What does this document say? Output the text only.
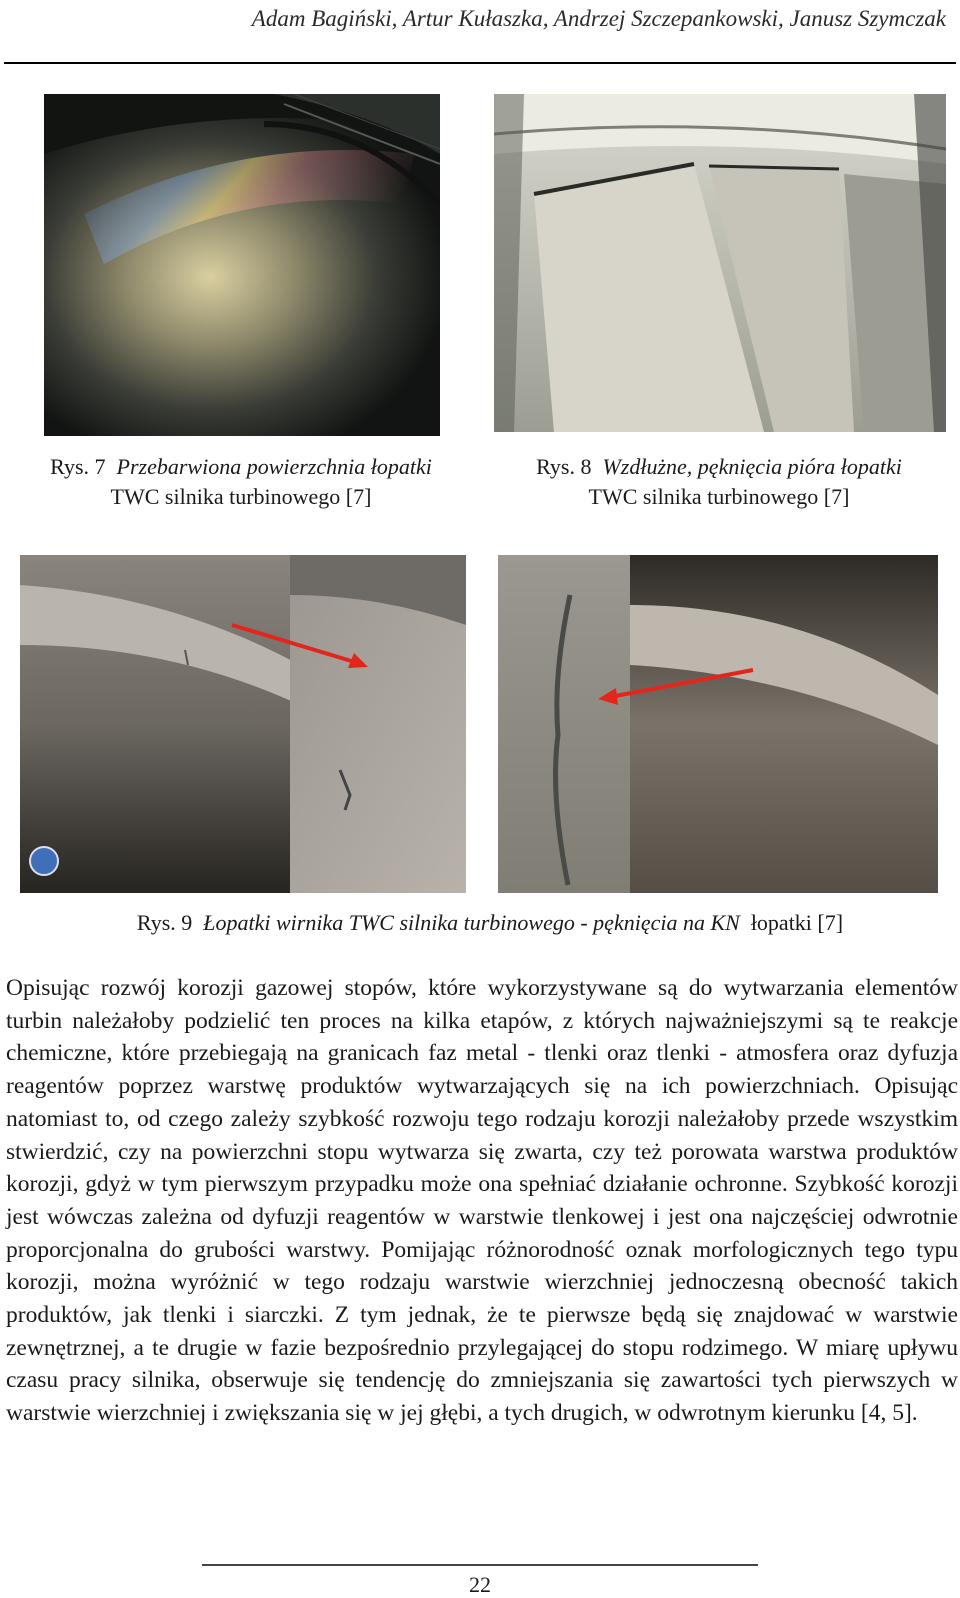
Adam Bagiński, Artur Kułaszka, Andrzej Szczepankowski, Janusz Szymczak
Rys. 7 Przebarwiona powierzchnia łopatki
TWC silnika turbinowego [7]
Rys. 8 Wzdłużne, pęknięcia pióra łopatki
TWC silnika turbinowego [7]
Rys. 9 Łopatki wirnika TWC silnika turbinowego - pęknięcia na KN łopatki [7]
Opisując rozwój korozji gazowej stopów, które wykorzystywane są do wytwarzania elementów turbin należałoby podzielić ten proces na kilka etapów, z których najważniejszymi są te reakcje chemiczne, które przebiegają na granicach faz metal - tlenki oraz tlenki - atmosfera oraz dyfuzja reagentów poprzez warstwę produktów wytwarzających się na ich powierzchniach. Opisując natomiast to, od czego zależy szybkość rozwoju tego rodzaju korozji należałoby przede wszystkim stwierdzić, czy na powierzchni stopu wytwarza się zwarta, czy też porowata warstwa produktów korozji, gdyż w tym pierwszym przypadku może ona spełniać działanie ochronne. Szybkość korozji jest wówczas zależna od dyfuzji reagentów w warstwie tlenkowej i jest ona najczęściej odwrotnie proporcjonalna do grubości warstwy. Pomijając różnorodność oznak morfologicznych tego typu korozji, można wyróżnić w tego rodzaju warstwie wierzchniej jednoczesną obecność takich produktów, jak tlenki i siarczki. Z tym jednak, że te pierwsze będą się znajdować w warstwie zewnętrznej, a te drugie w fazie bezpośrednio przylegającej do stopu rodzimego. W miarę upływu czasu pracy silnika, obserwuje się tendencję do zmniejszania się zawartości tych pierwszych w warstwie wierzchniej i zwiększania się w jej głębi, a tych drugich, w odwrotnym kierunku [4, 5].
22
